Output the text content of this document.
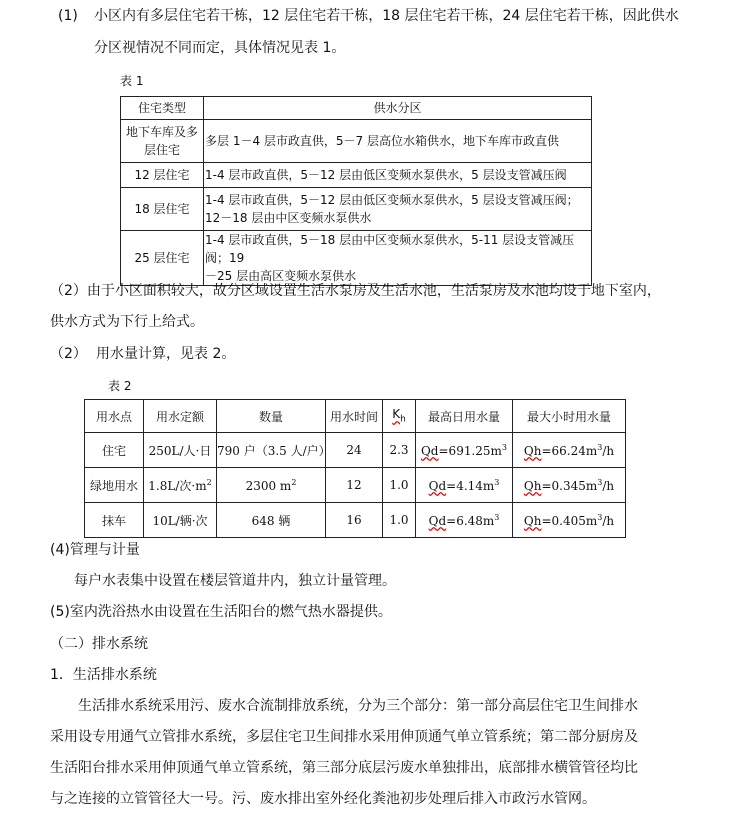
(1) 小区内有多层住宅若干栋，12 层住宅若干栋，18 层住宅若干栋，24 层住宅若干栋，因此供水
分区视情况不同而定，具体情况见表 1。
表 1
住宅类型	供水分区

地下车库及多
层住宅	多层 1－4 层市政直供，5－7 层高位水箱供水，地下车库市政直供
12 层住宅	1-4 层市政直供，5－12 层由低区变频水泵供水，5 层设支管减压阀
18 层住宅	1-4 层市政直供，5－12 层由低区变频水泵供水，5 层设支管减压阀；
12－18 层由中区变频水泵供水

25 层住宅	1-4 层市政直供，5－18 层由中区变频水泵供水，5-11 层设支管减压阀；19
－25 层由高区变频水泵供水
（2）由于小区面积较大，故分区域设置生活水泵房及生活水池，生活泵房及水池均设于地下室内，
供水方式为下行上给式。
（2） 用水量计算，见表 2。
表 2
用水点	用水定额	数量	用水时间	$K_h$	最高日用水量	最大小时用水量
住宅	250L/人·日	790 户（3.5 人/户）	24	2.3	$Qd=691.25m^3$	$Qh=66.24m^3/h$
绿地用水	1.8L/次$\cdot m^2$	2300 $m^2$	12	1.0	$Qd=4.14m^3$	$Qh=0.345m^3/h$
抹车	10L/辆·次	648 辆	16	1.0	$Qd=6.48m^3$	$Qh=0.405m^3/h$
(4)管理与计量
每户水表集中设置在楼层管道井内，独立计量管理。
(5)室内洗浴热水由设置在生活阳台的燃气热水器提供。
（二）排水系统
1．生活排水系统
生活排水系统采用污、废水合流制排放系统，分为三个部分：第一部分高层住宅卫生间排水
采用设专用通气立管排水系统，多层住宅卫生间排水采用伸顶通气单立管系统；第二部分厨房及
生活阳台排水采用伸顶通气单立管系统，第三部分底层污废水单独排出，底部排水横管管径均比
与之连接的立管管径大一号。污、废水排出室外经化粪池初步处理后排入市政污水管网。
